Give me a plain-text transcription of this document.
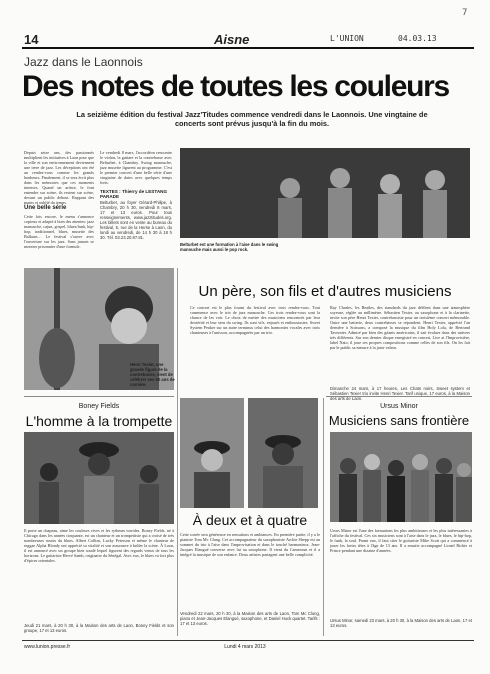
14	Aisne	L'UNION	04.03.13
7
Jazz dans le Laonnois
Des notes de toutes les couleurs
La seizième édition du festival Jazz'Titudes commence vendredi dans le Laonnois. Une vingtaine de concerts sont prévus jusqu'à la fin du mois.
Depuis seize ans, des passionnés multiplient les initiatives à Laon pour que la ville et son environnement deviennent une terre de jazz. Les déceptions ont été au rendez-vous comme les grands bonheurs. Finalement, il se sera écrit plus dans les mémoires que ces moments intenses. Quand un artiste, le font entendre sur scène, ils restent sur scène, devant un public debout. Rappant des mains et oublié du temps.
Une belle série
Cette fois encore, le menu s'annonce copieux et adapté à bien des attentes: jazz manouche, cajun, gospel, blues/funk, hip-hop, traditionnel, blues, musette des Balkans… Le festival s'ouvre avec l'ouverture sur les jazz. Sans jamais se montrer prisonnier d'une formule.
Le vendredi 8 mars, l'accordéon rencontre le violon, la guitare et la contrebasse avec Belturbet, à Chambry. Swing manouche, jazz musette figurent au programme. C'est le premier concert d'une belle série d'une vingtaine de dates avec quelques temps forts.
TEXTES : Thierry de LESTANG PARADE
Belturbet, au foyer Gérard-Philipe, à Chambry, 20 h 30, vendredi 8 mars, 17 et 13 euros. Pour tous renseignements, www.jazztitudes.org. Les billets sont en vente au bureau du festival, 5, rue de la Herse à Laon, du lundi au vendredi, de 14 h 30 à 18 h 30. Tél. 03.23.20.87.81.
Belturbet est une formation à l'aise dans le swing manouche mais aussi le pop rock.
Henri Texier, une grande figure de la contrebasse, vient de célébrer ses 50 ans de carrière.
Un père, son fils et d'autres musiciens
Ce concert est le plus fourni du festival avec trois rendez-vous. Tout commence avec le trio de jazz manouche. Ces trois rendez-vous sont la chance de les voir. Le choix de mettre des musiciens rencontrés par leur dextérité et leur sens du swing. Ils sont vifs, enjoués et enthousiastes. Sweet System Peuker sur un autre terminus celui des harmonies vocales avec trois chanteuses à l'unisson, accompagnées par un trio.
Ray Charles, les Beatles, des standards du jazz défilent dans une atmosphère soyeuse, réglée au millimètre. Sébastien Texier, au saxophone et à la clarinette, invite son père Henri Texier, contrebassiste pour un troisième concert mémorable. Outre une batterie, deux contrebasses se répondent. Henri Texier, apprécié l'an dernière à Soissons, a composé la musique du film Holy Lola, de Bertrand Tavernier. Admiré par bien des géants américains, il sait évoluer dans des univers très différents. Sur son dernier disque enregistré en concert, Live at l'Improvisière, label Nato, il joue ses propres compositions comme celles de son fils. On les fait par le public sa mesure à la juste valeur.
Dimanche 24 mars, à 17 heures, Les Chats noirs, Sweet system et Sébastien Texier trio invite Henri Texier. Tarif unique, 17 euros, à la Maison des arts de Laon.
Boney Fields
L'homme à la trompette
Il porte un chapeau, aime les couleurs vives et les rythmes torrides. Boney Fields, né à Chicago dans les années cinquante, est un chanteur et un trompettiste qui a croisé de très nombreuses routes du blues. Albert Collins, Lucky Peterson et même le chanteur de reggae Alpha Blondy ont apprécié sa vitalité et son assurance à brûler la scène. À Laon, il est annoncé avec un groupe bien soudé lequel figurent des regards venus de tous les horizons. Le guitariste Hervé Samb, originaire du Sénégal. Avec eux, le blues va fort plus d'épices orientales.
Jeudi 21 mars, à 20 h 30, à la Maison des arts de Laon, Boney Fields et son groupe, 17 et 13 euros.
À deux et à quatre
Cette soirée sera généreuse en sensations et ambiances. En première partie, il y a le pianiste Tom Mc Clung. Cet accompagnateur du saxophoniste Archie Shepp est au sommet du trio à l'aise dans l'improvisation et dans le touché harmonieux. Jean-Jacques Elangué converse avec lui au saxophone. Il vient du Cameroun et il a intégré la musique de son enfance. Deux artistes partagent une belle complicité.
Vendredi 22 mars, 20 h 30, à la Maison des arts de Laon, Tom Mc Clung, piano et Jean-Jacques Elangué, saxophone, et Daniel Huck quartet. Tarifs : 17 et 13 euros.
Ursus Minor
Musiciens sans frontière
Ursus Minor est l'une des formations les plus ambitieuses et les plus intéressantes à l'affiche du festival. Ces six musiciens sont à l'aise dans le jazz, le blues, le hip-hop, le funk, la soul. Parmi eux, il faut citer le guitariste Mike Scott qui a commencé à jouer les fortes têtes à l'âge de 13 ans. Il a ensuite accompagné Lionel Richie et Prince pendant une dizaine d'années.
Ursus Minor, samedi 23 mars, à 20 h 30, à la Maison des arts de Laon, 17 et 13 euros.
www.lunion.presse.fr	Lundi 4 mars 2013
